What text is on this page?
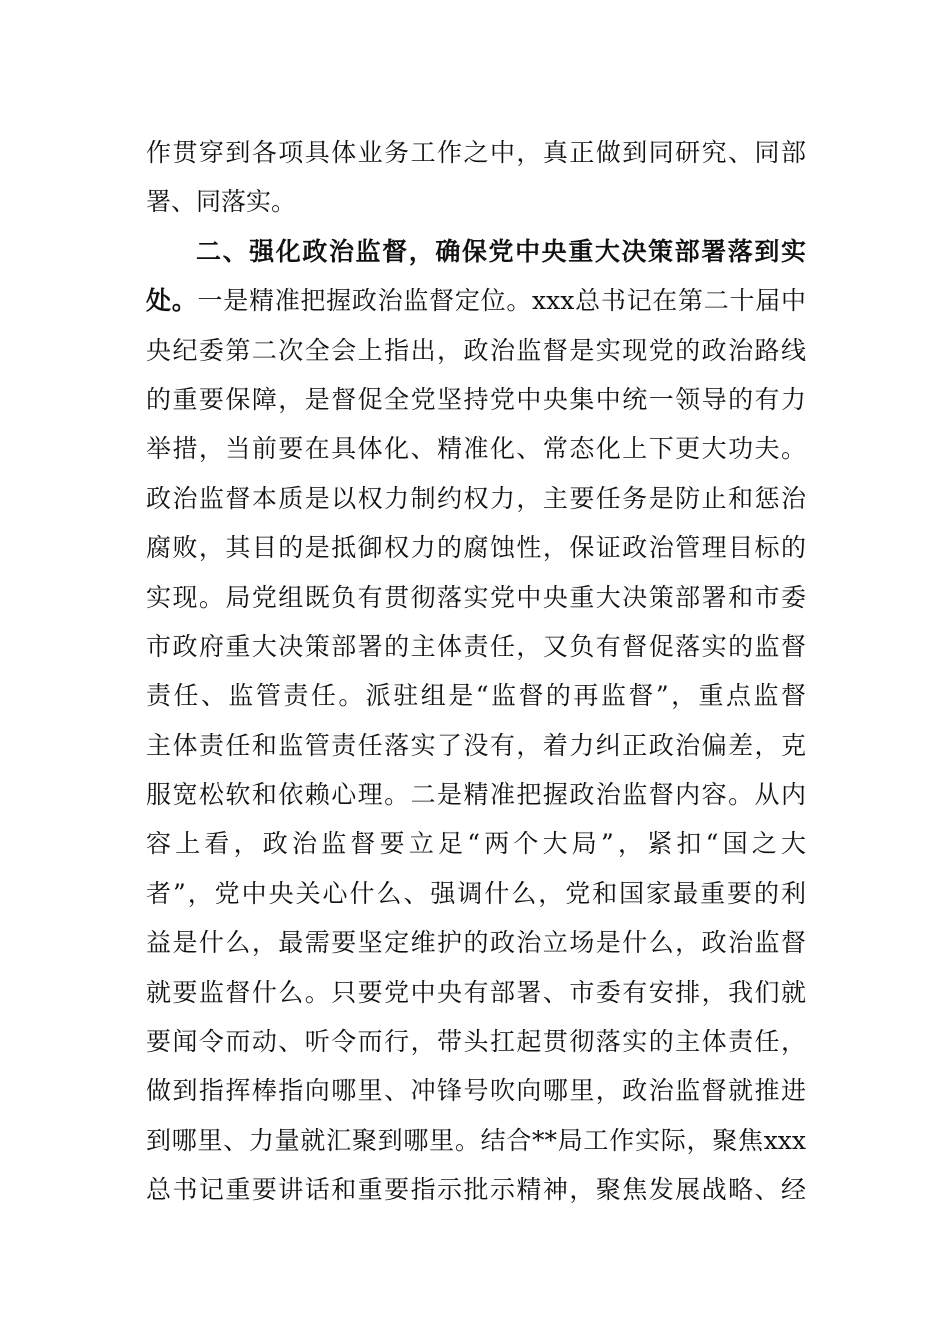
作贯穿到各项具体业务工作之中，真正做到同研究、同部
署、同落实。
二、强化政治监督，确保党中央重大决策部署落到实
处。一是精准把握政治监督定位。xxx总书记在第二十届中
央纪委第二次全会上指出，政治监督是实现党的政治路线
的重要保障，是督促全党坚持党中央集中统一领导的有力
举措，当前要在具体化、精准化、常态化上下更大功夫。
政治监督本质是以权力制约权力，主要任务是防止和惩治
腐败，其目的是抵御权力的腐蚀性，保证政治管理目标的
实现。局党组既负有贯彻落实党中央重大决策部署和市委
市政府重大决策部署的主体责任，又负有督促落实的监督
责任、监管责任。派驻组是“监督的再监督”，重点监督
主体责任和监管责任落实了没有，着力纠正政治偏差，克
服宽松软和依赖心理。二是精准把握政治监督内容。从内
容上看，政治监督要立足“两个大局”，紧扣“国之大
者”，党中央关心什么、强调什么，党和国家最重要的利
益是什么，最需要坚定维护的政治立场是什么，政治监督
就要监督什么。只要党中央有部署、市委有安排，我们就
要闻令而动、听令而行，带头扛起贯彻落实的主体责任，
做到指挥棒指向哪里、冲锋号吹向哪里，政治监督就推进
到哪里、力量就汇聚到哪里。结合**局工作实际，聚焦xxx
总书记重要讲话和重要指示批示精神，聚焦发展战略、经
